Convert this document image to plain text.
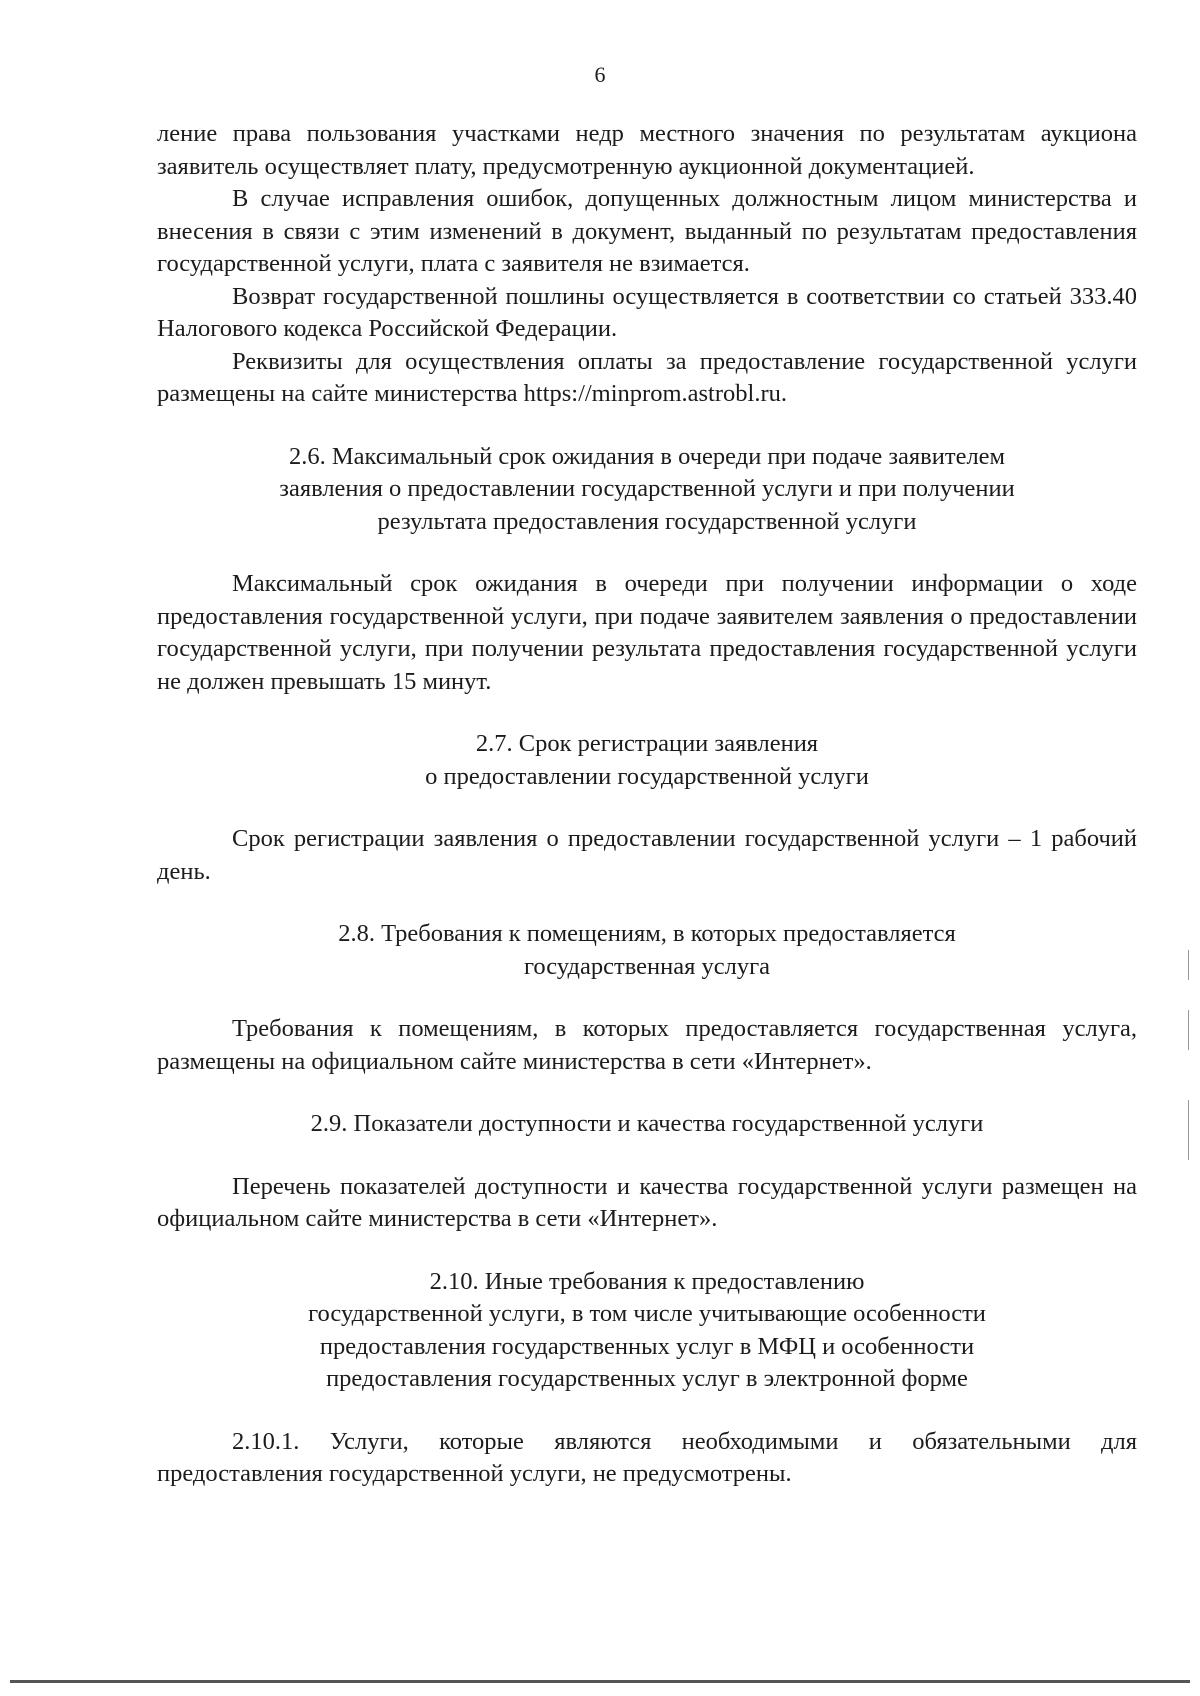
6

ление права пользования участками недр местного значения по результатам аукциона заявитель осуществляет плату, предусмотренную аукционной документацией.

В случае исправления ошибок, допущенных должностным лицом министерства и внесения в связи с этим изменений в документ, выданный по результатам предоставления государственной услуги, плата с заявителя не взимается.

Возврат государственной пошлины осуществляется в соответствии со статьей 333.40 Налогового кодекса Российской Федерации.

Реквизиты для осуществления оплаты за предоставление государственной услуги размещены на сайте министерства https://minprom.astrobl.ru.

2.6. Максимальный срок ожидания в очереди при подаче заявителем
заявления о предоставлении государственной услуги и при получении
результата предоставления государственной услуги

Максимальный срок ожидания в очереди при получении информации о ходе предоставления государственной услуги, при подаче заявителем заявления о предоставлении государственной услуги, при получении результата предоставления государственной услуги не должен превышать 15 минут.

2.7. Срок регистрации заявления
о предоставлении государственной услуги

Срок регистрации заявления о предоставлении государственной услуги – 1 рабочий день.

2.8. Требования к помещениям, в которых предоставляется
государственная услуга

Требования к помещениям, в которых предоставляется государственная услуга, размещены на официальном сайте министерства в сети «Интернет».

2.9. Показатели доступности и качества государственной услуги

Перечень показателей доступности и качества государственной услуги размещен на официальном сайте министерства в сети «Интернет».

2.10. Иные требования к предоставлению
государственной услуги, в том числе учитывающие особенности
предоставления государственных услуг в МФЦ и особенности
предоставления государственных услуг в электронной форме

2.10.1. Услуги, которые являются необходимыми и обязательными для предоставления государственной услуги, не предусмотрены.
